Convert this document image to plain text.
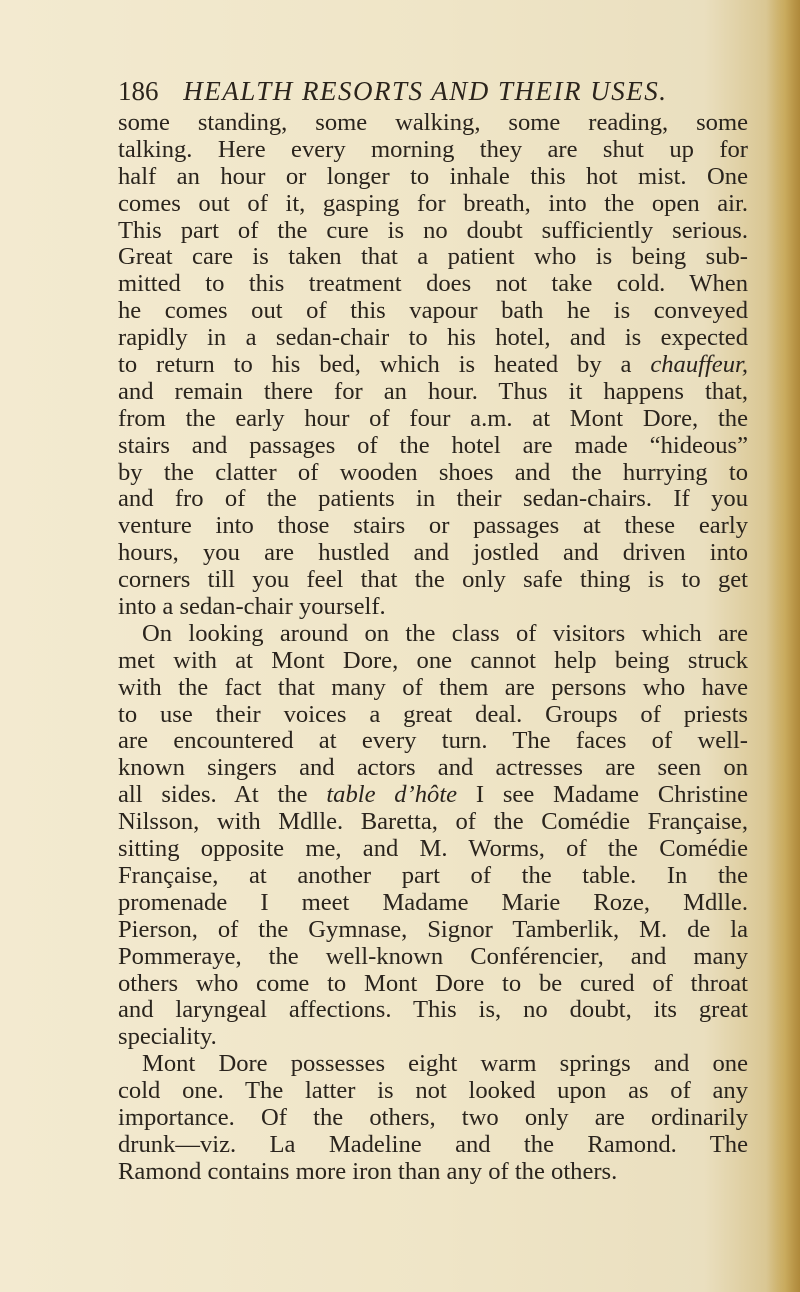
186 HEALTH RESORTS AND THEIR USES.
some standing, some walking, some reading, some
talking. Here every morning they are shut up for
half an hour or longer to inhale this hot mist. One
comes out of it, gasping for breath, into the open air.
This part of the cure is no doubt sufficiently serious.
Great care is taken that a patient who is being sub-
mitted to this treatment does not take cold. When
he comes out of this vapour bath he is conveyed
rapidly in a sedan-chair to his hotel, and is expected
to return to his bed, which is heated by a chauffeur,
and remain there for an hour. Thus it happens that,
from the early hour of four a.m. at Mont Dore, the
stairs and passages of the hotel are made “hideous”
by the clatter of wooden shoes and the hurrying to
and fro of the patients in their sedan-chairs. If you
venture into those stairs or passages at these early
hours, you are hustled and jostled and driven into
corners till you feel that the only safe thing is to get
into a sedan-chair yourself.
On looking around on the class of visitors which are
met with at Mont Dore, one cannot help being struck
with the fact that many of them are persons who have
to use their voices a great deal. Groups of priests
are encountered at every turn. The faces of well-
known singers and actors and actresses are seen on
all sides. At the table d’hôte I see Madame Christine
Nilsson, with Mdlle. Baretta, of the Comédie Française,
sitting opposite me, and M. Worms, of the Comédie
Française, at another part of the table. In the
promenade I meet Madame Marie Roze, Mdlle.
Pierson, of the Gymnase, Signor Tamberlik, M. de la
Pommeraye, the well-known Conférencier, and many
others who come to Mont Dore to be cured of throat
and laryngeal affections. This is, no doubt, its great
speciality.
Mont Dore possesses eight warm springs and one
cold one. The latter is not looked upon as of any
importance. Of the others, two only are ordinarily
drunk—viz. La Madeline and the Ramond. The
Ramond contains more iron than any of the others.
